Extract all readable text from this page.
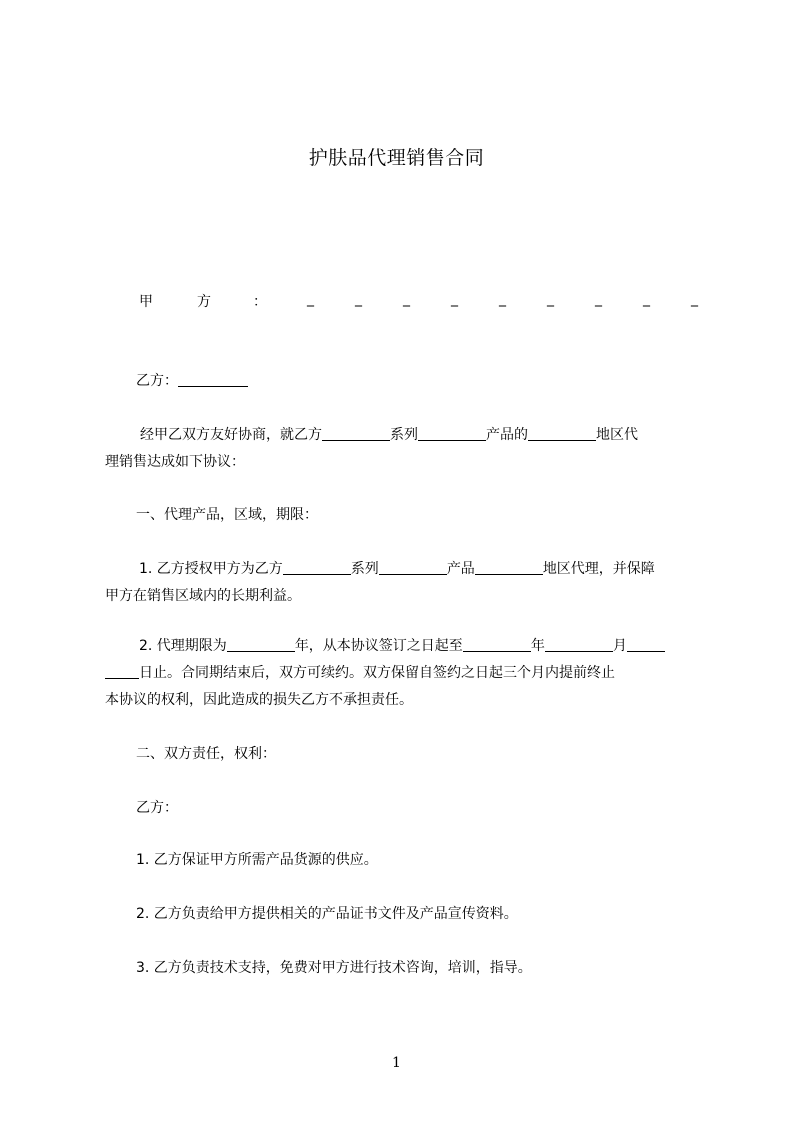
护肤品代理销售合同
甲	方	：	_	_	_	_	_	_	_	_	_
乙方：
经甲乙双方友好协商，就乙方	系列	产品的	地区代
理销售达成如下协议：
一、代理产品，区域，期限：
1. 乙方授权甲方为乙方	系列	产品	地区代理，并保障
甲方在销售区域内的长期利益。
2. 代理期限为	年，从本协议签订之日起至	年	月
日止。合同期结束后，双方可续约。双方保留自签约之日起三个月内提前终止
本协议的权利，因此造成的损失乙方不承担责任。
二、双方责任，权利：
乙方：
1. 乙方保证甲方所需产品货源的供应。
2. 乙方负责给甲方提供相关的产品证书文件及产品宣传资料。
3. 乙方负责技术支持，免费对甲方进行技术咨询，培训，指导。
1
